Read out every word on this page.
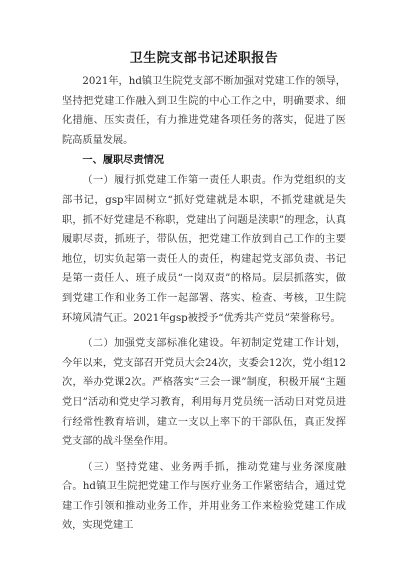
卫生院支部书记述职报告

2021年，hd镇卫生院党支部不断加强对党建工作的领导，坚持把党建工作融入到卫生院的中心工作之中，明确要求、细化措施、压实责任，有力推进党建各项任务的落实，促进了医院高质量发展。

一、履职尽责情况

（一）履行抓党建工作第一责任人职责。作为党组织的支部书记，gsp牢固树立“抓好党建就是本职，不抓党建就是失职，抓不好党建是不称职，党建出了问题是渎职”的理念，认真履职尽责，抓班子，带队伍，把党建工作放到自己工作的主要地位，切实负起第一责任人的责任，构建起党支部负责、书记是第一责任人、班子成员“一岗双责”的格局。层层抓落实，做到党建工作和业务工作一起部署、落实、检查、考核，卫生院环境风清气正。2021年gsp被授予“优秀共产党员”荣誉称号。

（二）加强党支部标准化建设。年初制定党建工作计划，今年以来，党支部召开党员大会24次，支委会12次，党小组12次，举办党课2次。严格落实“三会一课”制度，积极开展“主题党日”活动和党史学习教育，利用每月党员统一活动日对党员进行经常性教育培训，建立一支以上率下的干部队伍，真正发挥党支部的战斗堡垒作用。

（三）坚持党建、业务两手抓，推动党建与业务深度融合。hd镇卫生院把党建工作与医疗业务工作紧密结合，通过党建工作引领和推动业务工作，并用业务工作来检验党建工作成效，实现党建工
